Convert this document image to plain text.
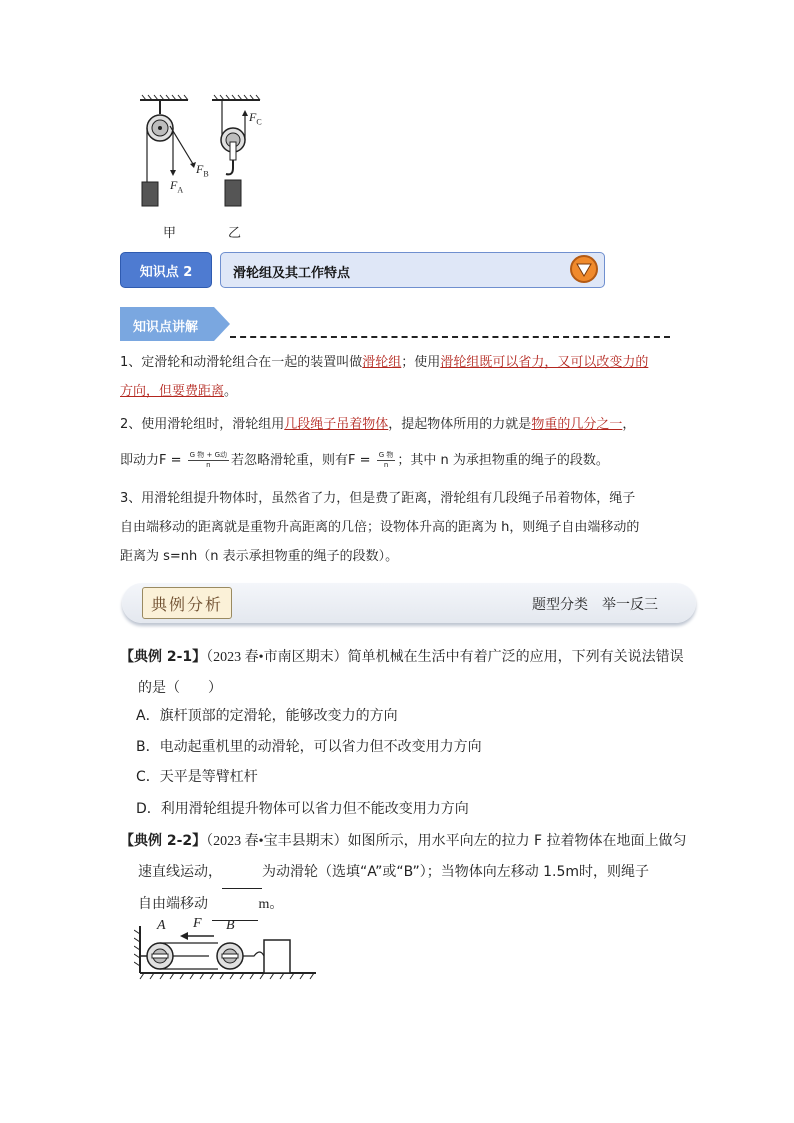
$F_A$
$F_B$
$F_C$
甲	乙
知识点 2	滑轮组及其工作特点
知识点讲解
1、定滑轮和动滑轮组合在一起的装置叫做滑轮组；使用滑轮组既可以省力，又可以改变力的
方向，但要费距离。
2、使用滑轮组时，滑轮组用几段绳子吊着物体，提起物体所用的力就是物重的几分之一，
即动力$F = \frac{\text{G 物 + G动}}{n}$ 若忽略滑轮重，则有$F = \frac{\text{G 物}}{n}$ ；其中 n 为承担物重的绳子的段数。
3、用滑轮组提升物体时，虽然省了力，但是费了距离，滑轮组有几段绳子吊着物体，绳子
自由端移动的距离就是重物升高距离的几倍；设物体升高的距离为 h，则绳子自由端移动的
距离为 s=nh（n 表示承担物重的绳子的段数）。
典例分析	题型分类　举一反三
【典例 2-1】（2023 春•市南区期末）简单机械在生活中有着广泛的应用，下列有关说法错误
的是（　　）
A．旗杆顶部的定滑轮，能够改变力的方向
B．电动起重机里的动滑轮，可以省力但不改变用力方向
C．天平是等臂杠杆
D．利用滑轮组提升物体可以省力但不能改变用力方向
【典例 2-2】（2023 春•宝丰县期末）如图所示，用水平向左的拉力 F 拉着物体在地面上做匀
速直线运动，	为动滑轮（选填“A”或“B”）；当物体向左移动 1.5m时，则绳子
自由端移动	m。
A F B
